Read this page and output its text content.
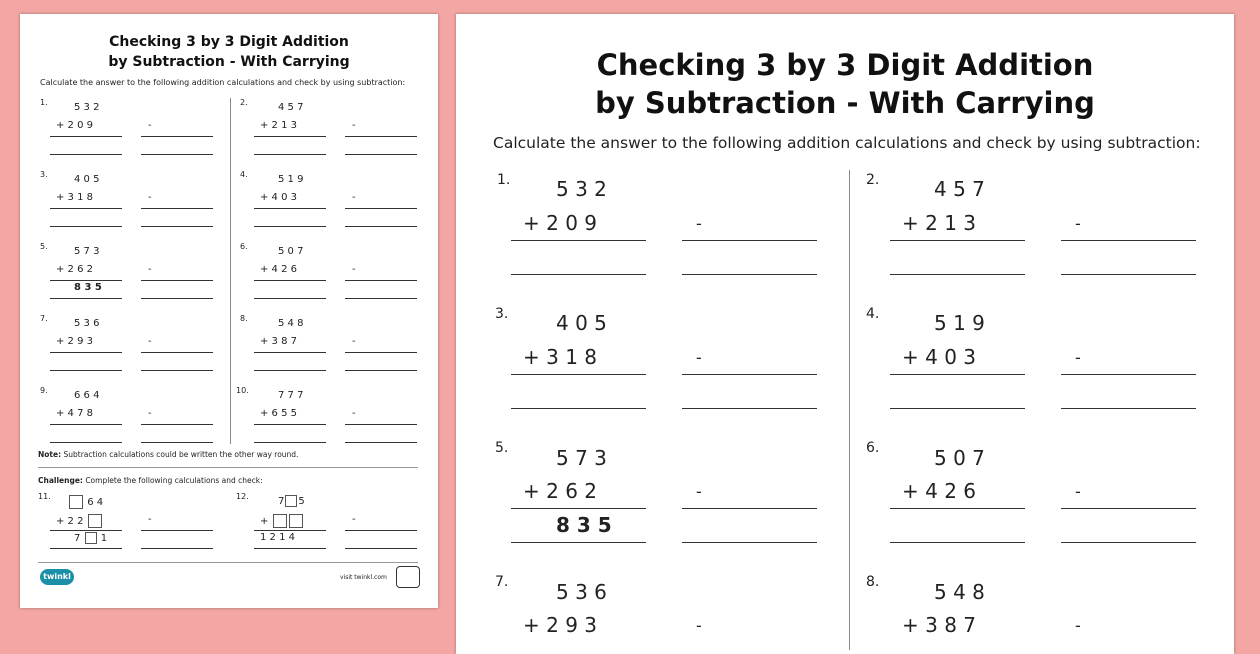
Checking 3 by 3 Digit Addition
by Subtraction - With Carrying
Calculate the answer to the following addition calculations and check by using subtraction:
1.	5 3 2
+ 2 0 9	-
2.	4 5 7
+ 2 1 3	-
3.	4 0 5
+ 3 1 8	-
4.	5 1 9
+ 4 0 3	-
5.	5 7 3
+ 2 6 2
8 3 5
-
6.	5 0 7
+ 4 2 6	-
7.	5 3 6
+ 2 9 3	-
8.	5 4 8
+ 3 8 7	-
9.	6 6 4
+ 4 7 8	-
10.	7 7 7
+ 6 5 5	-
Note: Subtraction calculations could be written the other way round.
Challenge: Complete the following calculations and check:
11.
6 4
+ 2 2
7 1
-
12.	7 5
+
1 2 1 4
-
twinkl	visit twinkl.com
Checking 3 by 3 Digit Addition
by Subtraction - With Carrying
Calculate the answer to the following addition calculations and check by using subtraction:
1. 5 3 2
+ 2 0 9	-
2.	4 5 7
+ 2 1 3	-
3. 4 0 5
+ 3 1 8	-
4.	5 1 9
+ 4 0 3	-
5. 5 7 3
+ 2 6 2
8 3 5
-
6.	5 0 7
+ 4 2 6	-
7. 5 3 6
+ 2 9 3	-
8.	5 4 8
+ 3 8 7	-
